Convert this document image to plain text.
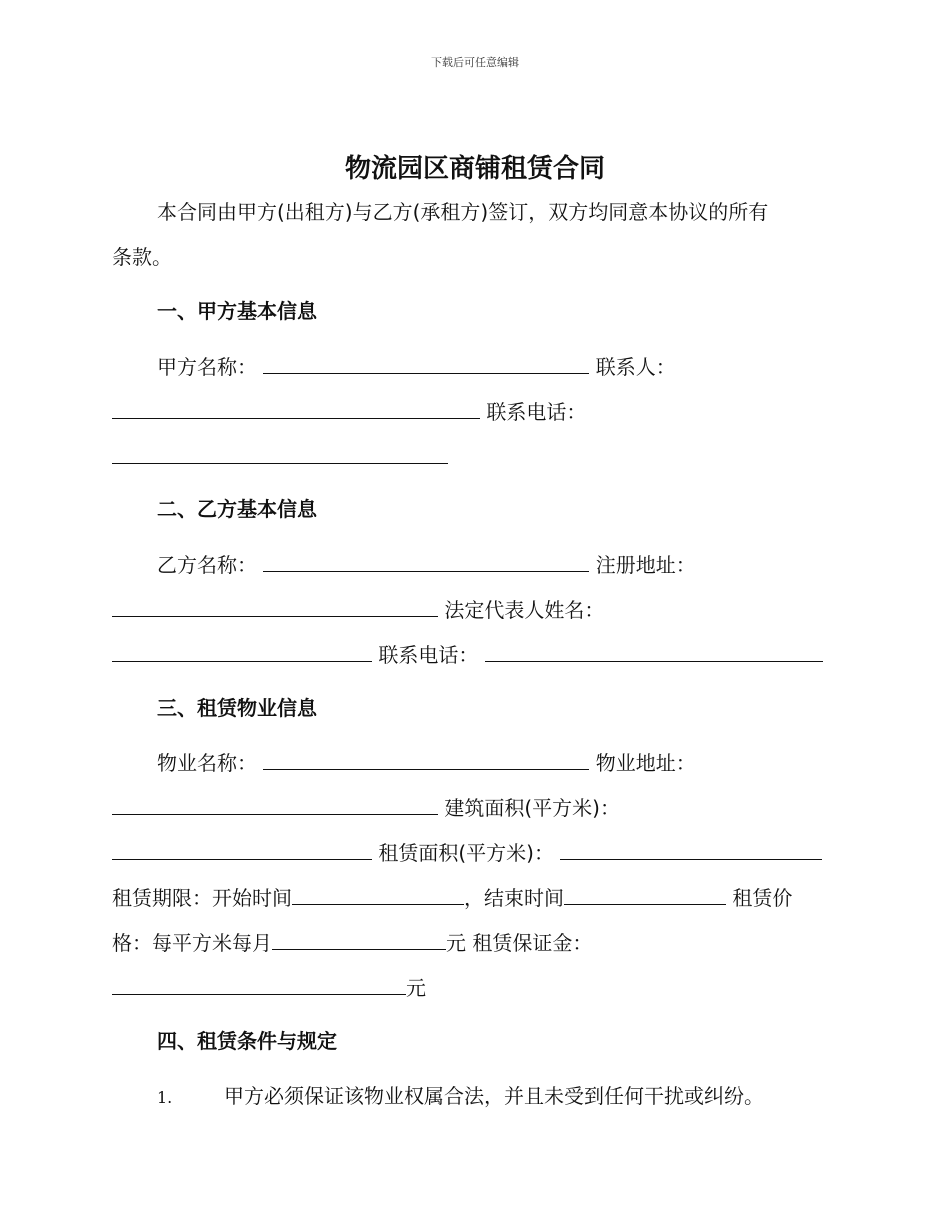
下载后可任意编辑
物流园区商铺租赁合同
本合同由甲方(出租方)与乙方(承租方)签订，双方均同意本协议的所有
条款。
一、甲方基本信息
甲方名称：	联系人：
联系电话：
二、乙方基本信息
乙方名称：	注册地址：
法定代表人姓名：
联系电话：
三、租赁物业信息
物业名称：	物业地址：
建筑面积(平方米)：
租赁面积(平方米)：
租赁期限：开始时间	，结束时间	租赁价
格：每平方米每月	元 租赁保证金：
元
四、租赁条件与规定
1.	甲方必须保证该物业权属合法，并且未受到任何干扰或纠纷。
